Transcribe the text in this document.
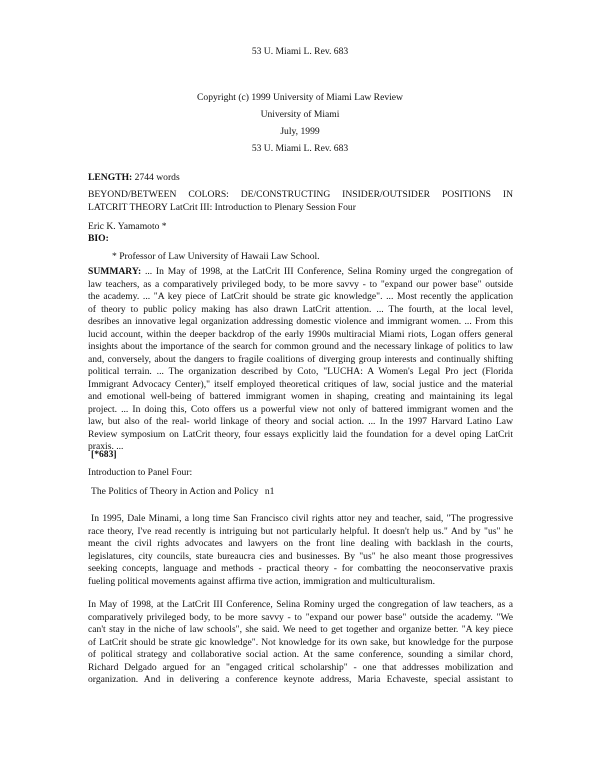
53 U. Miami L. Rev. 683
Copyright (c) 1999 University of Miami Law Review
University of Miami
July, 1999
53 U. Miami L. Rev. 683
LENGTH: 2744 words
BEYOND/BETWEEN COLORS: DE/CONSTRUCTING INSIDER/OUTSIDER POSITIONS IN
LATCRIT THEORY LatCrit III: Introduction to Plenary Session Four
Eric K. Yamamoto *
BIO:
* Professor of Law University of Hawaii Law School.
SUMMARY: ... In May of 1998, at the LatCrit III Conference, Selina Rominy urged the congregation of
law teachers, as a comparatively privileged body, to be more savvy - to "expand our power base" outside
the academy. ... "A key piece of LatCrit should be strate gic knowledge". ... Most recently the application
of theory to public policy making has also drawn LatCrit attention. ... The fourth, at the local level,
desribes an innovative legal organization addressing domestic violence and immigrant women. ... From this
lucid account, within the deeper backdrop of the early 1990s multiracial Miami riots, Logan offers general
insights about the importance of the search for common ground and the necessary linkage of politics to law
and, conversely, about the dangers to fragile coalitions of diverging group interests and continually shifting
political terrain. ... The organization described by Coto, "LUCHA: A Women's Legal Pro ject (Florida
Immigrant Advocacy Center)," itself employed theoretical critiques of law, social justice and the material
and emotional well-being of battered immigrant women in shaping, creating and maintaining its legal
project. ... In doing this, Coto offers us a powerful view not only of battered immigrant women and the
law, but also of the real- world linkage of theory and social action. ... In the 1997 Harvard Latino Law
Review symposium on LatCrit theory, four essays explicitly laid the foundation for a devel oping LatCrit
praxis. ...
[*683]
Introduction to Panel Four:
The Politics of Theory in Action and Policy n1
In 1995, Dale Minami, a long time San Francisco civil rights attor ney and teacher, said, "The progressive
race theory, I've read recently is intriguing but not particularly helpful. It doesn't help us." And by "us" he
meant the civil rights advocates and lawyers on the front line dealing with backlash in the courts,
legislatures, city councils, state bureaucra cies and businesses. By "us" he also meant those progressives
seeking concepts, language and methods - practical theory - for combatting the neoconservative praxis
fueling political movements against affirma tive action, immigration and multiculturalism.
In May of 1998, at the LatCrit III Conference, Selina Rominy urged the congregation of law teachers, as a
comparatively privileged body, to be more savvy - to "expand our power base" outside the academy. "We
can't stay in the niche of law schools", she said. We need to get together and organize better. "A key piece
of LatCrit should be strate gic knowledge". Not knowledge for its own sake, but knowledge for the purpose
of political strategy and collaborative social action. At the same conference, sounding a similar chord,
Richard Delgado argued for an "engaged critical scholarship" - one that addresses mobilization and
organization. And in delivering a conference keynote address, Maria Echaveste, special assistant to
